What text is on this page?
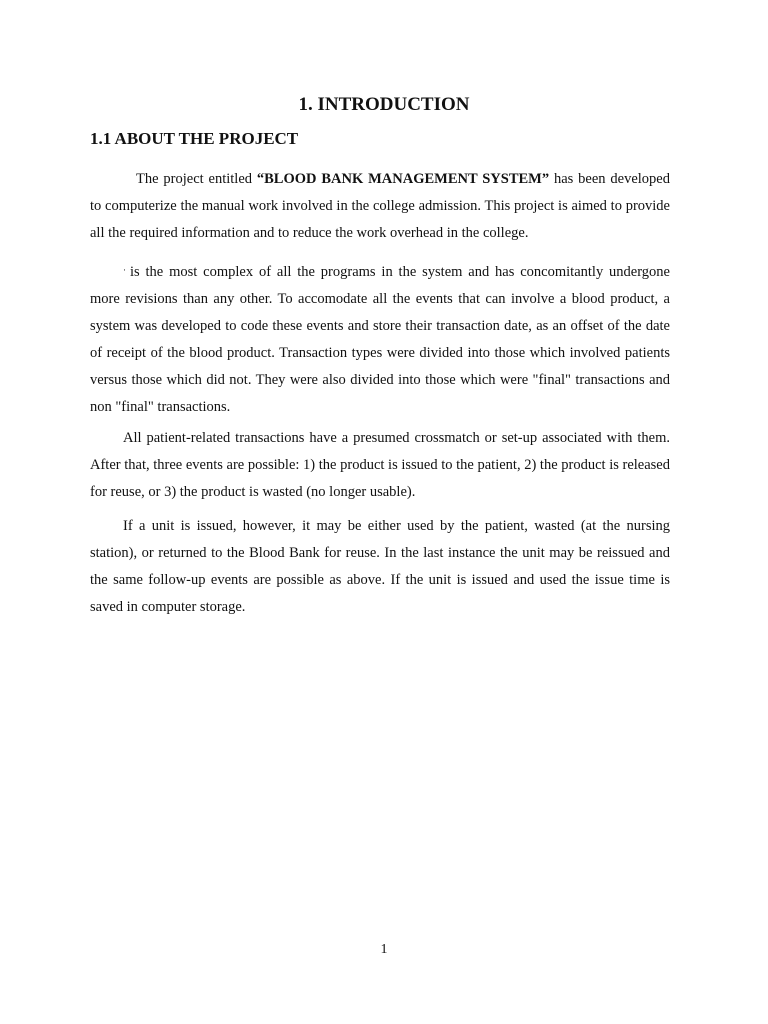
1. INTRODUCTION
1.1 ABOUT THE PROJECT

The project entitled “BLOOD BANK MANAGEMENT SYSTEM” has been developed to computerize the manual work involved in the college admission. This project is aimed to provide all the required information and to reduce the work overhead in the college.

· is the most complex of all the programs in the system and has concomitantly undergone more revisions than any other. To accomodate all the events that can involve a blood product, a system was developed to code these events and store their transaction date, as an offset of the date of receipt of the blood product. Transaction types were divided into those which involved patients versus those which did not. They were also divided into those which were "final" transactions and non "final" transactions.

All patient-related transactions have a presumed crossmatch or set-up associated with them. After that, three events are possible: 1) the product is issued to the patient, 2) the product is released for reuse, or 3) the product is wasted (no longer usable).

If a unit is issued, however, it may be either used by the patient, wasted (at the nursing station), or returned to the Blood Bank for reuse. In the last instance the unit may be reissued and the same follow-up events are possible as above. If the unit is issued and used the issue time is saved in computer storage.

1
